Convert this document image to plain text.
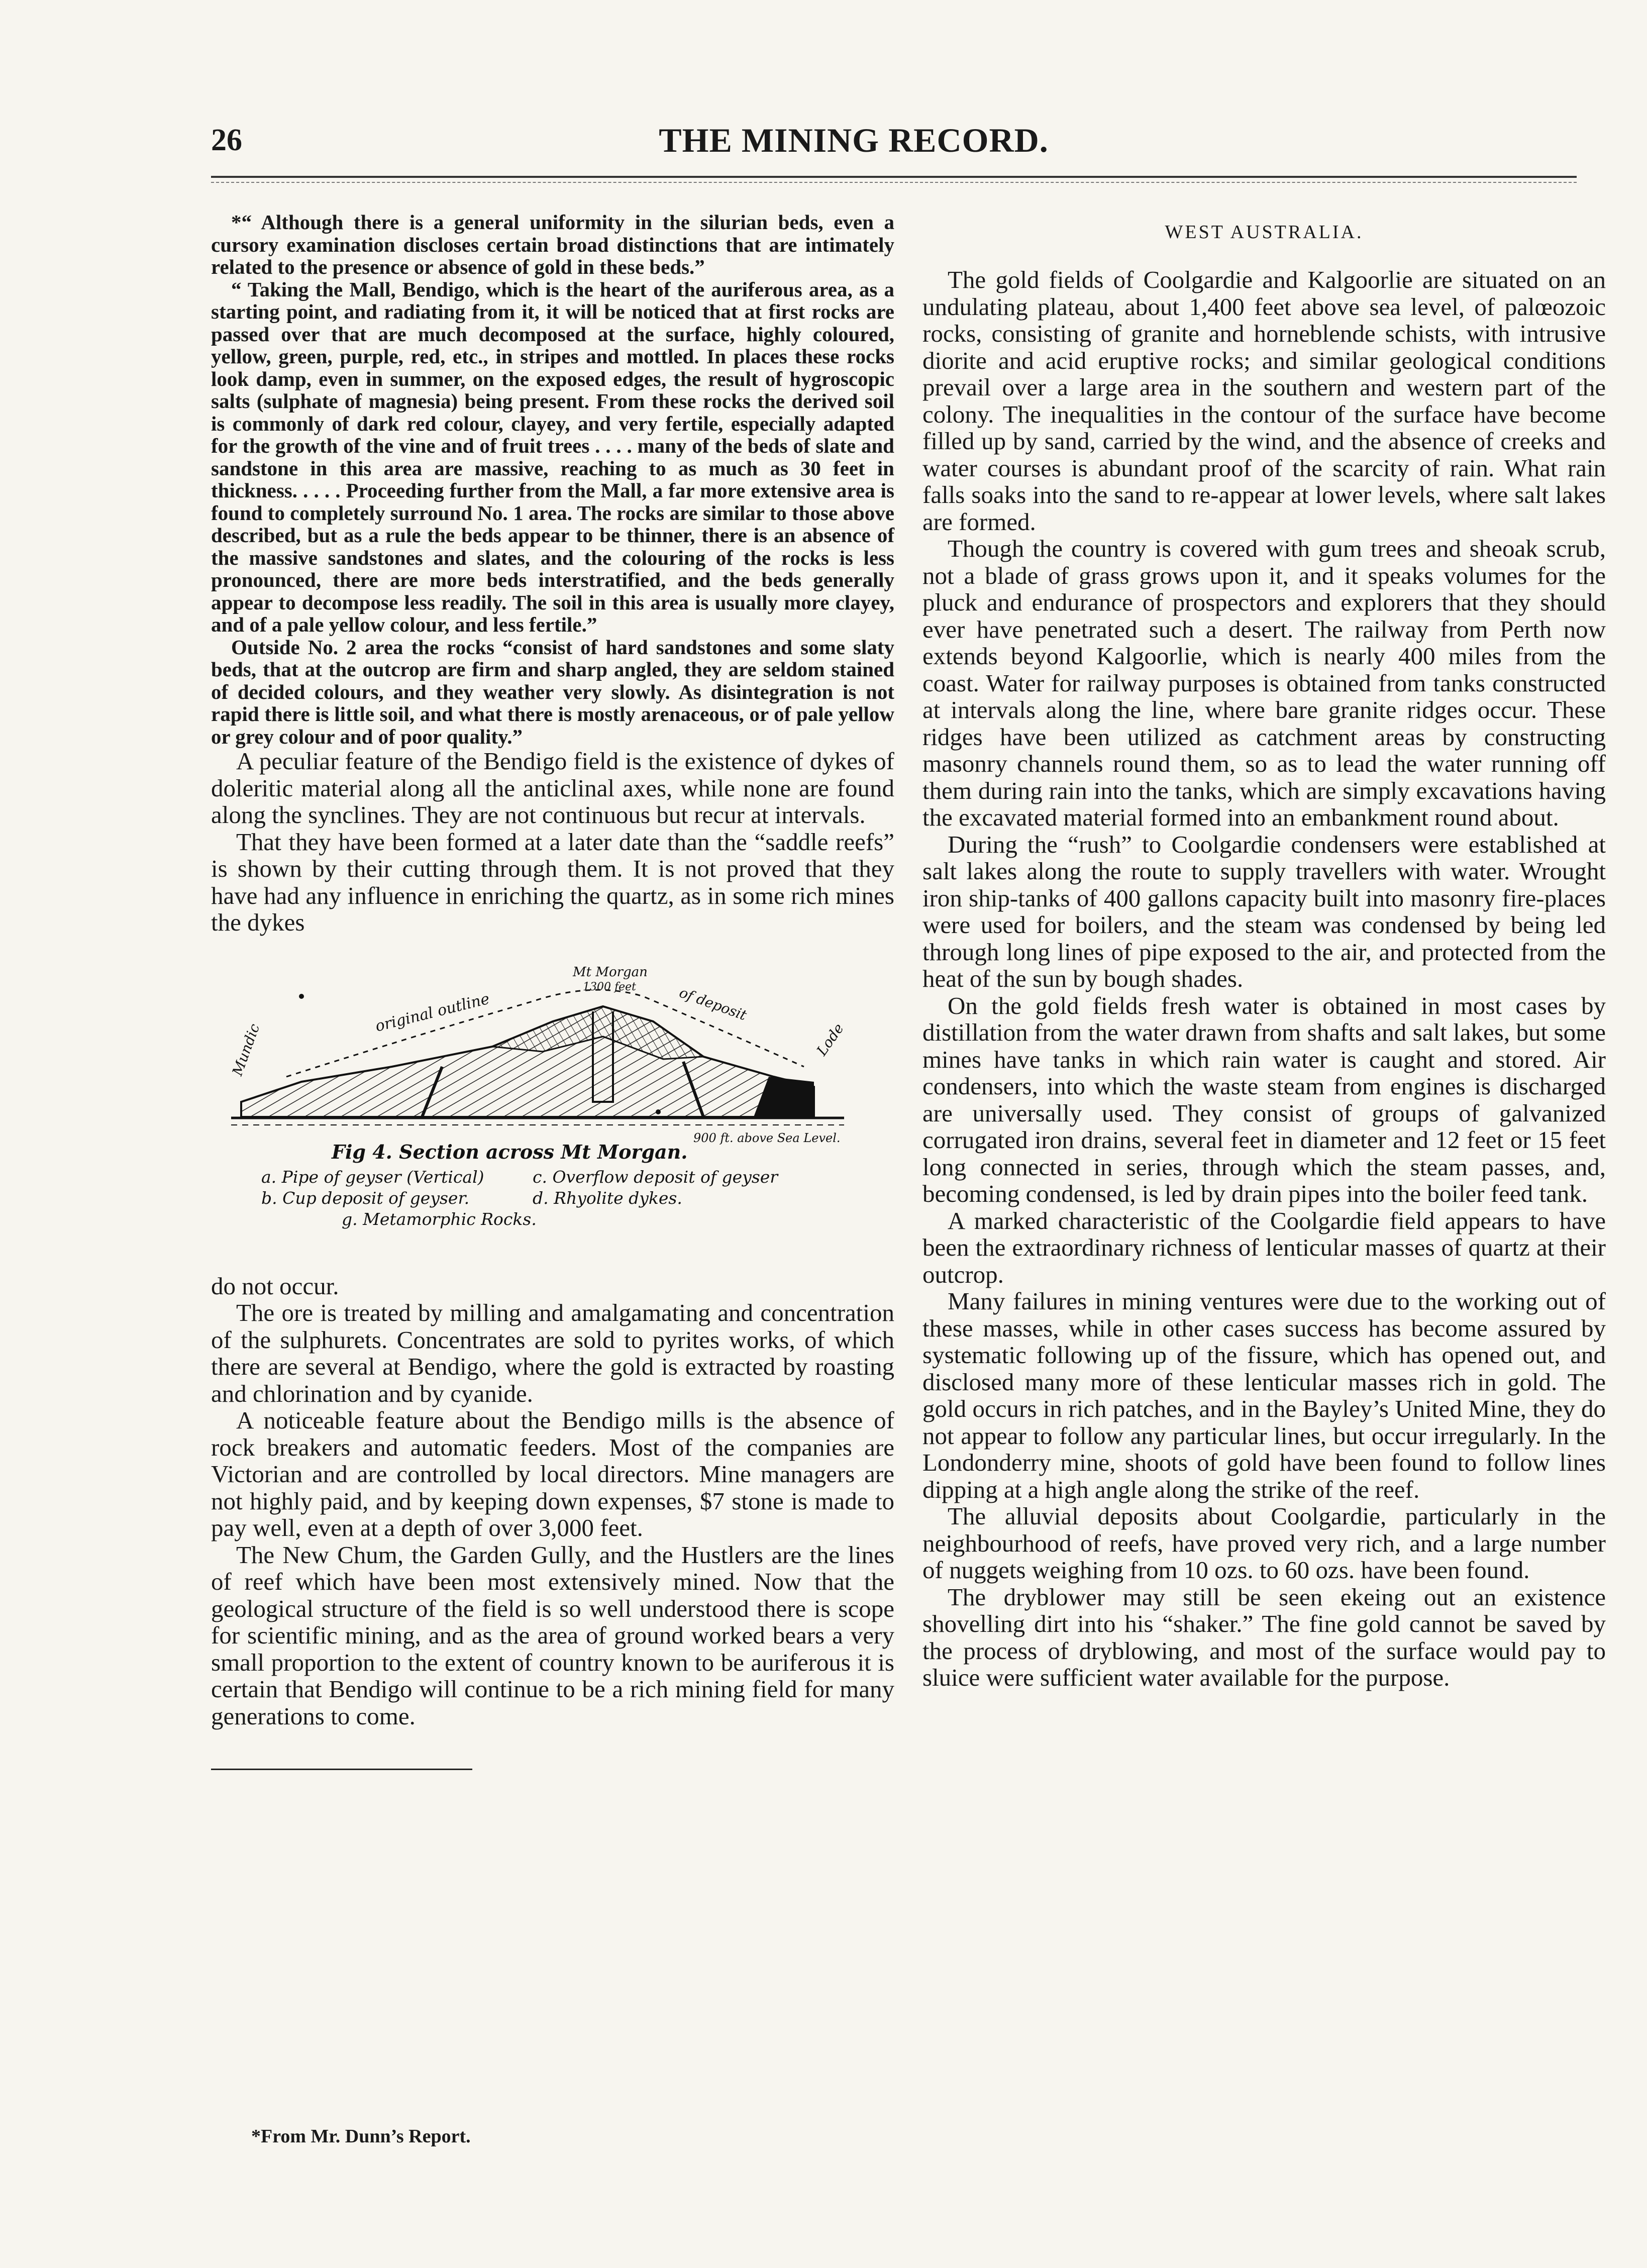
26	THE MINING RECORD.

*“ Although there is a general uniformity in the silurian beds, even a cursory examination discloses certain broad distinctions that are intimately related to the presence or absence of gold in these beds.”

“ Taking the Mall, Bendigo, which is the heart of the auriferous area, as a starting point, and radiating from it, it will be noticed that at first rocks are passed over that are much decomposed at the surface, highly coloured, yellow, green, purple, red, etc., in stripes and mottled. In places these rocks look damp, even in summer, on the exposed edges, the result of hygroscopic salts (sulphate of magnesia) being present. From these rocks the derived soil is commonly of dark red colour, clayey, and very fertile, especially adapted for the growth of the vine and of fruit trees . . . . many of the beds of slate and sandstone in this area are massive, reaching to as much as 30 feet in thickness. . . . . Proceeding further from the Mall, a far more extensive area is found to completely surround No. 1 area. The rocks are similar to those above described, but as a rule the beds appear to be thinner, there is an absence of the massive sandstones and slates, and the colouring of the rocks is less pronounced, there are more beds interstratified, and the beds generally appear to decompose less readily. The soil in this area is usually more clayey, and of a pale yellow colour, and less fertile.”

Outside No. 2 area the rocks “consist of hard sandstones and some slaty beds, that at the outcrop are firm and sharp angled, they are seldom stained of decided colours, and they weather very slowly. As disintegration is not rapid there is little soil, and what there is mostly arenaceous, or of pale yellow or grey colour and of poor quality.”

A peculiar feature of the Bendigo field is the existence of dykes of doleritic material along all the anticlinal axes, while none are found along the synclines. They are not continuous but recur at intervals.

That they have been formed at a later date than the “saddle reefs” is shown by their cutting through them. It is not proved that they have had any influence in enriching the quartz, as in some rich mines the dykes

Mt Morgan
1300 feet
original outline	of deposit
Mundic	Lode
900 ft. above Sea Level.
Fig 4. Section across Mt Morgan.
a. Pipe of geyser (Vertical)	c. Overflow deposit of geyser
b. Cup deposit of geyser.	d. Rhyolite dykes.
g. Metamorphic Rocks.

do not occur.

The ore is treated by milling and amalgamating and concentration of the sulphurets. Concentrates are sold to pyrites works, of which there are several at Bendigo, where the gold is extracted by roasting and chlorination and by cyanide.

A noticeable feature about the Bendigo mills is the absence of rock breakers and automatic feeders. Most of the companies are Victorian and are controlled by local directors. Mine managers are not highly paid, and by keeping down expenses, $7 stone is made to pay well, even at a depth of over 3,000 feet.

The New Chum, the Garden Gully, and the Hustlers are the lines of reef which have been most extensively mined. Now that the geological structure of the field is so well understood there is scope for scientific mining, and as the area of ground worked bears a very small proportion to the extent of country known to be auriferous it is certain that Bendigo will continue to be a rich mining field for many generations to come.

*From Mr. Dunn’s Report.
WEST AUSTRALIA.

The gold fields of Coolgardie and Kalgoorlie are situated on an undulating plateau, about 1,400 feet above sea level, of palœozoic rocks, consisting of granite and horneblende schists, with intrusive diorite and acid eruptive rocks; and similar geological conditions prevail over a large area in the southern and western part of the colony. The inequalities in the contour of the surface have become filled up by sand, carried by the wind, and the absence of creeks and water courses is abundant proof of the scarcity of rain. What rain falls soaks into the sand to re-appear at lower levels, where salt lakes are formed.

Though the country is covered with gum trees and sheoak scrub, not a blade of grass grows upon it, and it speaks volumes for the pluck and endurance of prospectors and explorers that they should ever have penetrated such a desert. The railway from Perth now extends beyond Kalgoorlie, which is nearly 400 miles from the coast. Water for railway purposes is obtained from tanks constructed at intervals along the line, where bare granite ridges occur. These ridges have been utilized as catchment areas by constructing masonry channels round them, so as to lead the water running off them during rain into the tanks, which are simply excavations having the excavated material formed into an embankment round about.

During the “rush” to Coolgardie condensers were established at salt lakes along the route to supply travellers with water. Wrought iron ship-tanks of 400 gallons capacity built into masonry fire-places were used for boilers, and the steam was condensed by being led through long lines of pipe exposed to the air, and protected from the heat of the sun by bough shades.

On the gold fields fresh water is obtained in most cases by distillation from the water drawn from shafts and salt lakes, but some mines have tanks in which rain water is caught and stored. Air condensers, into which the waste steam from engines is discharged are universally used. They consist of groups of galvanized corrugated iron drains, several feet in diameter and 12 feet or 15 feet long connected in series, through which the steam passes, and, becoming condensed, is led by drain pipes into the boiler feed tank.

A marked characteristic of the Coolgardie field appears to have been the extraordinary richness of lenticular masses of quartz at their outcrop.

Many failures in mining ventures were due to the working out of these masses, while in other cases success has become assured by systematic following up of the fissure, which has opened out, and disclosed many more of these lenticular masses rich in gold. The gold occurs in rich patches, and in the Bayley’s United Mine, they do not appear to follow any particular lines, but occur irregularly. In the Londonderry mine, shoots of gold have been found to follow lines dipping at a high angle along the strike of the reef.

The alluvial deposits about Coolgardie, particularly in the neighbourhood of reefs, have proved very rich, and a large number of nuggets weighing from 10 ozs. to 60 ozs. have been found.

The dryblower may still be seen ekeing out an existence shovelling dirt into his “shaker.” The fine gold cannot be saved by the process of dryblowing, and most of the surface would pay to sluice were sufficient water available for the purpose.
